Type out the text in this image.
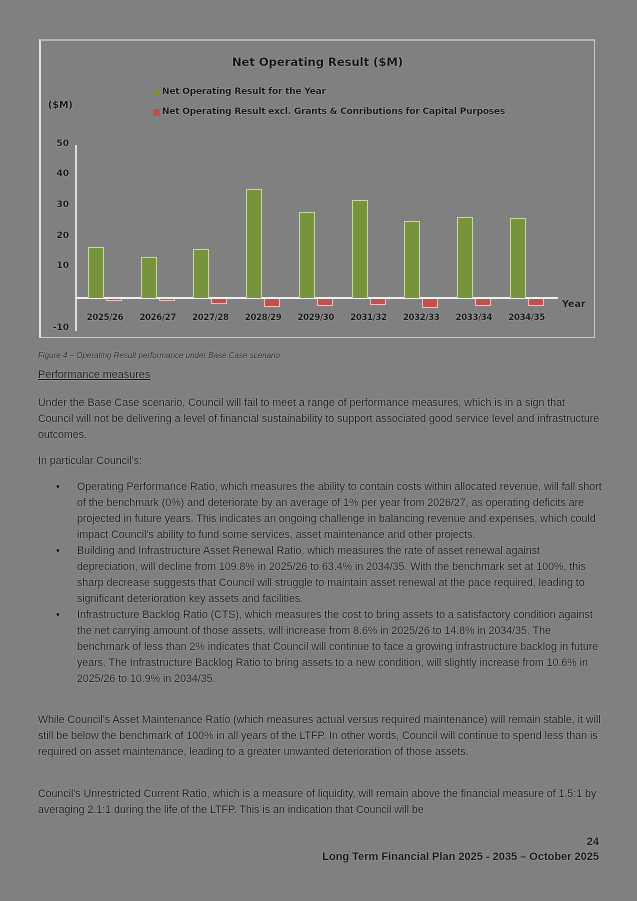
Net Operating Result ($M)
($M)
Net Operating Result for the Year
Net Operating Result excl. Grants & Conributions for Capital Purposes
Year
50
40
30
20
10
-10
2025/26	2026/27	2027/28	2028/29	2029/30	2031/32	2032/33	2033/34	2034/35
Figure 4 – Operating Result performance under Base Case scenario
Performance measures
Under the Base Case scenario, Council will fail to meet a range of performance measures, which is in a sign that Council will not be delivering a level of financial sustainability to support associated good service level and infrastructure outcomes.
In particular Council's:
• Operating Performance Ratio, which measures the ability to contain costs within allocated revenue, will fall short of the benchmark (0%) and deteriorate by an average of 1% per year from 2026/27, as operating deficits are projected in future years. This indicates an ongoing challenge in balancing revenue and expenses, which could impact Council's ability to fund some services, asset maintenance and other projects.
• Building and Infrastructure Asset Renewal Ratio, which measures the rate of asset renewal against depreciation, will decline from 109.8% in 2025/26 to 63.4% in 2034/35. With the benchmark set at 100%, this sharp decrease suggests that Council will struggle to maintain asset renewal at the pace required, leading to significant deterioration key assets and facilities.
• Infrastructure Backlog Ratio (CTS), which measures the cost to bring assets to a satisfactory condition against the net carrying amount of those assets, will increase from 8.6% in 2025/26 to 14.8% in 2034/35. The benchmark of less than 2% indicates that Council will continue to face a growing infrastructure backlog in future years. The Infrastructure Backlog Ratio to bring assets to a new condition, will slightly increase from 10.6% in 2025/26 to 10.9% in 2034/35.
While Council's Asset Maintenance Ratio (which measures actual versus required maintenance) will remain stable, it will still be below the benchmark of 100% in all years of the LTFP. In other words, Council will continue to spend less than is required on asset maintenance, leading to a greater unwanted deterioration of those assets.
Council's Unrestricted Current Ratio, which is a measure of liquidity, will remain above the financial measure of 1.5:1 by averaging 2.1:1 during the life of the LTFP. This is an indication that Council will be
24
Long Term Financial Plan 2025 - 2035 – October 2025
